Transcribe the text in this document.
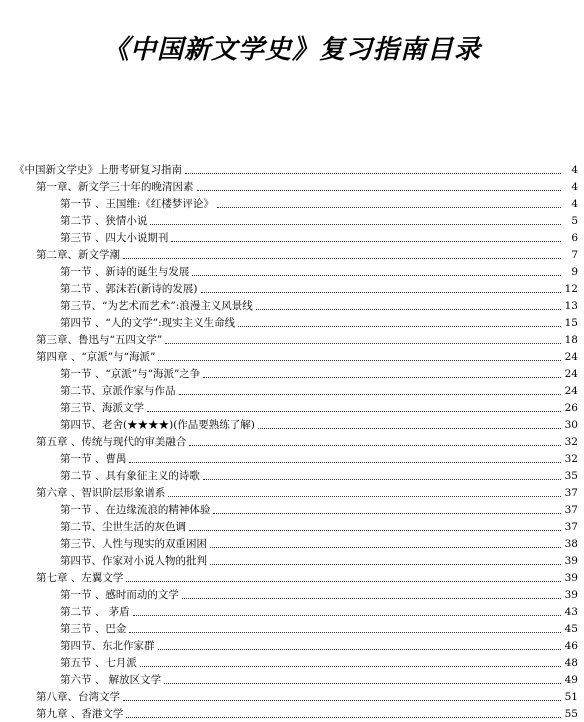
《中国新文学史》复习指南目录
《中国新文学史》上册考研复习指南	4
第一章、新文学三十年的晚清因素	4
第一节 、王国维:《红楼梦评论》	4
第二节 、狭情小说	5
第三节 、四大小说期刊	6
第二章、新文学潮	7
第一节 、新诗的诞生与发展	9
第二节 、郭沫若(新诗的发展)	12
第三节、“为艺术而艺术”:浪漫主义风景线	13
第四节 、“人的文学”:现实主义生命线	15
第三章、鲁迅与“五四文学”	18
第四章 、“京派”与“海派”	24
第一节 、“京派”与“海派”之争	24
第二节、京派作家与作品	24
第三节、海派文学	26
第四节、老舍(★★★★)(作品要熟练了解)	30
第五章 、传统与现代的审美融合	32
第一节 、曹禺	32
第二节 、具有象征主义的诗歌	35
第六章 、智识阶层形象谱系	37
第一节 、在边缘流浪的精神体验	37
第二节、尘世生活的灰色调	37
第三节、人性与现实的双重困困	38
第四节、作家对小说人物的批判	39
第七章 、左翼文学	39
第一节 、感时而动的文学	39
第二节 、 茅盾	43
第三节 、巴金	45
第四节、东北作家群	46
第五节 、七月派	48
第六节 、 解放区文学	49
第八章、台湾文学	51
第九章 、香港文学	55
